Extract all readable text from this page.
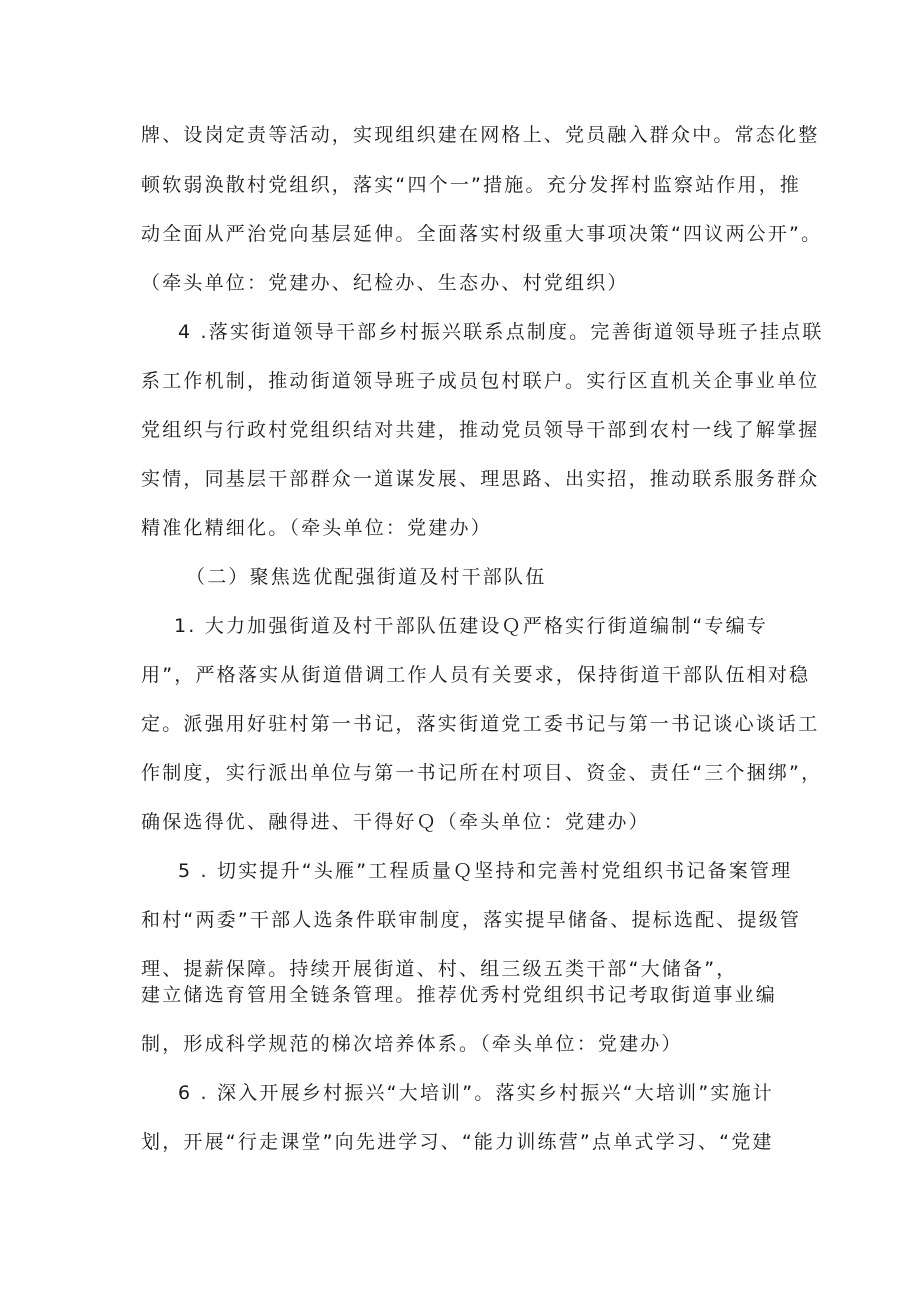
牌、设岗定责等活动，实现组织建在网格上、党员融入群众中。常态化整
顿软弱涣散村党组织，落实“四个一”措施。充分发挥村监察站作用，推
动全面从严治党向基层延伸。全面落实村级重大事项决策“四议两公开”。
（牵头单位：党建办、纪检办、生态办、村党组织）
4 .落实街道领导干部乡村振兴联系点制度。完善街道领导班子挂点联
系工作机制，推动街道领导班子成员包村联户。实行区直机关企事业单位
党组织与行政村党组织结对共建，推动党员领导干部到农村一线了解掌握
实情，同基层干部群众一道谋发展、理思路、出实招，推动联系服务群众
精准化精细化。（牵头单位：党建办）
（二）聚焦选优配强街道及村干部队伍
1. 大力加强街道及村干部队伍建设Ｑ严格实行街道编制“专编专
用”，严格落实从街道借调工作人员有关要求，保持街道干部队伍相对稳
定。派强用好驻村第一书记，落实街道党工委书记与第一书记谈心谈话工
作制度，实行派出单位与第一书记所在村项目、资金、责任“三个捆绑”，
确保选得优、融得进、干得好Ｑ（牵头单位：党建办）
5 . 切实提升“头雁”工程质量Ｑ坚持和完善村党组织书记备案管理
和村“两委”干部人选条件联审制度，落实提早储备、提标选配、提级管
理、提薪保障。持续开展街道、村、组三级五类干部“大储备”，
建立储选育管用全链条管理。推荐优秀村党组织书记考取街道事业编
制，形成科学规范的梯次培养体系。（牵头单位：党建办）
6 . 深入开展乡村振兴“大培训”。落实乡村振兴“大培训”实施计
划，开展“行走课堂”向先进学习、“能力训练营”点单式学习、“党建
